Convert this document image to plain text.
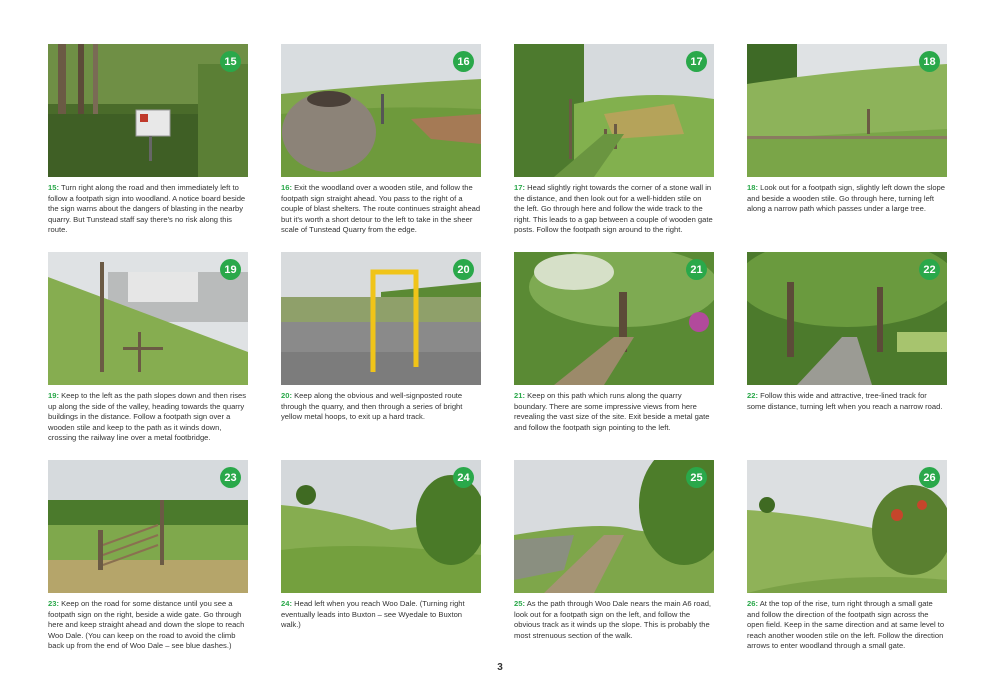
15
15: Turn right along the road and then immediately left to follow a footpath sign into woodland. A notice board beside the sign warns about the dangers of blasting in the nearby quarry. But Tunstead staff say there's no risk along this route.
16
16: Exit the woodland over a wooden stile, and follow the footpath sign straight ahead. You pass to the right of a couple of blast shelters. The route continues straight ahead but it's worth a short detour to the left to take in the sheer scale of Tunstead Quarry from the edge.
17
17: Head slightly right towards the corner of a stone wall in the distance, and then look out for a well-hidden stile on the left. Go through here and follow the wide track to the right. This leads to a gap between a couple of wooden gate posts. Follow the footpath sign around to the right.
18
18: Look out for a footpath sign, slightly left down the slope and beside a wooden stile. Go through here, turning left along a narrow path which passes under a large tree.
19
19: Keep to the left as the path slopes down and then rises up along the side of the valley, heading towards the quarry buildings in the distance. Follow a footpath sign over a wooden stile and keep to the path as it winds down, crossing the railway line over a metal footbridge.
20
20: Keep along the obvious and well-signposted route through the quarry, and then through a series of bright yellow metal hoops, to exit up a hard track.
21
21: Keep on this path which runs along the quarry boundary. There are some impressive views from here revealing the vast size of the site. Exit beside a metal gate and follow the footpath sign pointing to the left.
22
22: Follow this wide and attractive, tree-lined track for some distance, turning left when you reach a narrow road.
23
23: Keep on the road for some distance until you see a footpath sign on the right, beside a wide gate. Go through here and keep straight ahead and down the slope to reach Woo Dale. (You can keep on the road to avoid the climb back up from the end of Woo Dale – see blue dashes.)
24
24: Head left when you reach Woo Dale. (Turning right eventually leads into Buxton – see Wyedale to Buxton walk.)
25
25: As the path through Woo Dale nears the main A6 road, look out for a footpath sign on the left, and follow the obvious track as it winds up the slope. This is probably the most strenuous section of the walk.
26
26: At the top of the rise, turn right through a small gate and follow the direction of the footpath sign across the open field. Keep in the same direction and at same level to reach another wooden stile on the left. Follow the direction arrows to enter woodland through a small gate.
3
